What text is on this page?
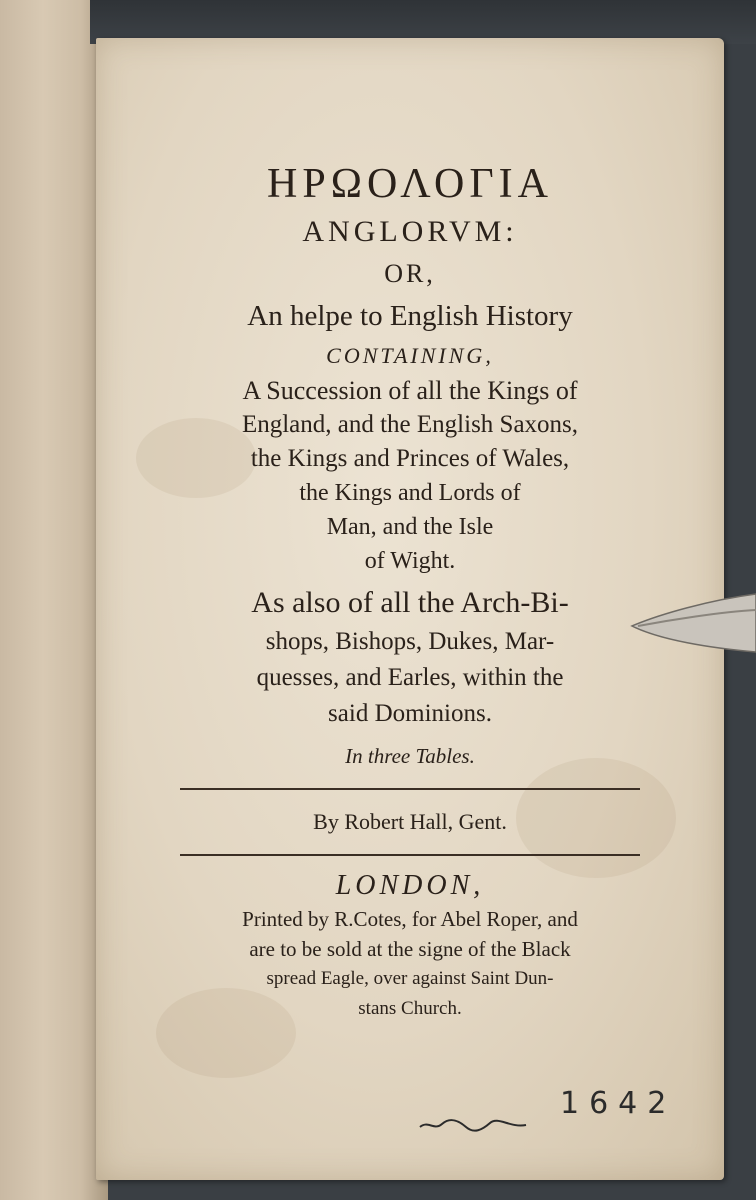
ΗΡΩΟΛΟΓΙΑ
ANGLORVM:
OR,
An helpe to English History
CONTAINING,
A Succession of all the Kings of
England, and the English Saxons,
the Kings and Princes of Wales,
the Kings and Lords of
Man, and the Isle
of Wight.
As also of all the Arch-Bi-
shops, Bishops, Dukes, Mar-
quesses, and Earles, within the
said Dominions.
In three Tables.
By Robert Hall, Gent.
LONDON,
Printed by R.Cotes, for Abel Roper, and
are to be sold at the signe of the Black
spread Eagle, over against Saint Dun-
stans Church.
1642
